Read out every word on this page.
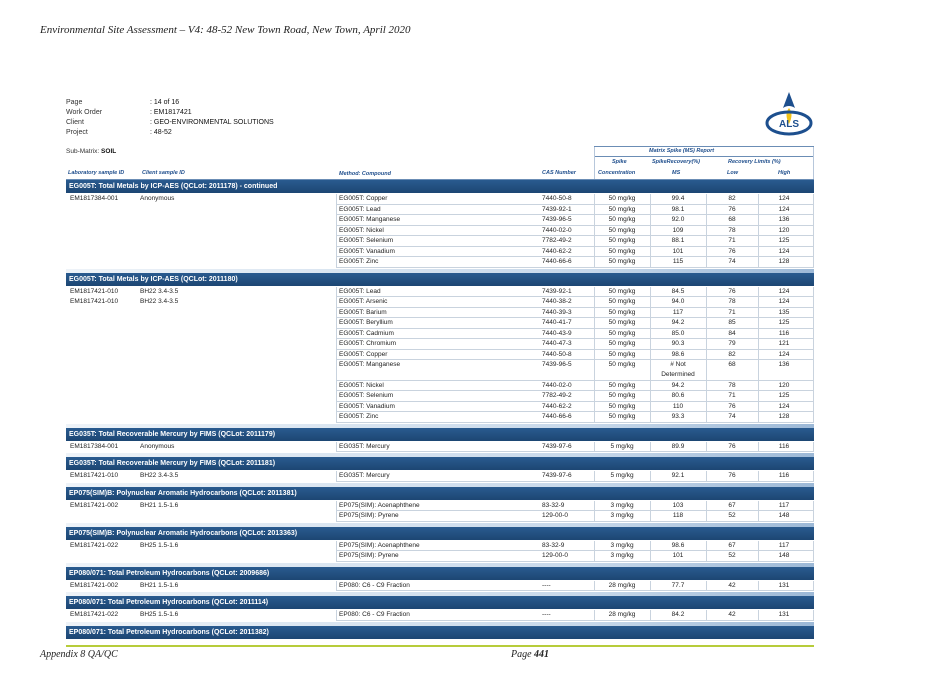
Environmental Site Assessment – V4: 48-52 New Town Road, New Town, April 2020
Page	: 14 of 16
Work Order	: EM1817421
Client	: GEO-ENVIRONMENTAL SOLUTIONS
Project	: 48-52
ALS
Sub-Matrix: SOIL	Matrix Spike (MS) Report
Spike	SpikeRecovery(%)	Recovery Limits (%)
Laboratory sample ID	Client sample ID	Method: Compound	CAS Number	Concentration	MS	Low	High
EG005T: Total Metals by ICP-AES (QCLot: 2011178) - continued
EM1817384-001	Anonymous	EG005T: Copper	7440-50-8	50 mg/kg	99.4	82	124
EG005T: Lead	7439-92-1	50 mg/kg	98.1	76	124
EG005T: Manganese	7439-96-5	50 mg/kg	92.0	68	136
EG005T: Nickel	7440-02-0	50 mg/kg	109	78	120
EG005T: Selenium	7782-49-2	50 mg/kg	88.1	71	125
EG005T: Vanadium	7440-62-2	50 mg/kg	101	76	124
EG005T: Zinc	7440-66-6	50 mg/kg	115	74	128
EG005T: Total Metals by ICP-AES (QCLot: 2011180)
EM1817421-010	BH22 3.4-3.5	EG005T: Lead	7439-92-1	50 mg/kg	84.5	76	124
EM1817421-010	BH22 3.4-3.5	EG005T: Arsenic	7440-38-2	50 mg/kg	94.0	78	124
EG005T: Barium	7440-39-3	50 mg/kg	117	71	135
EG005T: Beryllium	7440-41-7	50 mg/kg	94.2	85	125
EG005T: Cadmium	7440-43-9	50 mg/kg	85.0	84	116
EG005T: Chromium	7440-47-3	50 mg/kg	90.3	79	121
EG005T: Copper	7440-50-8	50 mg/kg	98.6	82	124
EG005T: Manganese	7439-96-5	50 mg/kg	# Not	68	136
Determined
EG005T: Nickel	7440-02-0	50 mg/kg	94.2	78	120
EG005T: Selenium	7782-49-2	50 mg/kg	80.6	71	125
EG005T: Vanadium	7440-62-2	50 mg/kg	110	76	124
EG005T: Zinc	7440-66-6	50 mg/kg	93.3	74	128
EG035T: Total Recoverable Mercury by FIMS (QCLot: 2011179)
EM1817384-001	Anonymous	EG035T: Mercury	7439-97-6	5 mg/kg	89.9	76	116
EG035T: Total Recoverable Mercury by FIMS (QCLot: 2011181)
EM1817421-010	BH22 3.4-3.5	EG035T: Mercury	7439-97-6	5 mg/kg	92.1	76	116
EP075(SIM)B: Polynuclear Aromatic Hydrocarbons (QCLot: 2011381)
EM1817421-002	BH21 1.5-1.6	EP075(SIM): Acenaphthene	83-32-9	3 mg/kg	103	67	117
EP075(SIM): Pyrene	129-00-0	3 mg/kg	118	52	148
EP075(SIM)B: Polynuclear Aromatic Hydrocarbons (QCLot: 2013363)
EM1817421-022	BH25 1.5-1.6	EP075(SIM): Acenaphthene	83-32-9	3 mg/kg	98.6	67	117
EP075(SIM): Pyrene	129-00-0	3 mg/kg	101	52	148
EP080/071: Total Petroleum Hydrocarbons (QCLot: 2009686)
EM1817421-002	BH21 1.5-1.6	EP080: C6 - C9 Fraction	----	28 mg/kg	77.7	42	131
EP080/071: Total Petroleum Hydrocarbons (QCLot: 2011114)
EM1817421-022	BH25 1.5-1.6	EP080: C6 - C9 Fraction	----	28 mg/kg	84.2	42	131
EP080/071: Total Petroleum Hydrocarbons (QCLot: 2011382)
Appendix 8 QA/QC	Page 441
